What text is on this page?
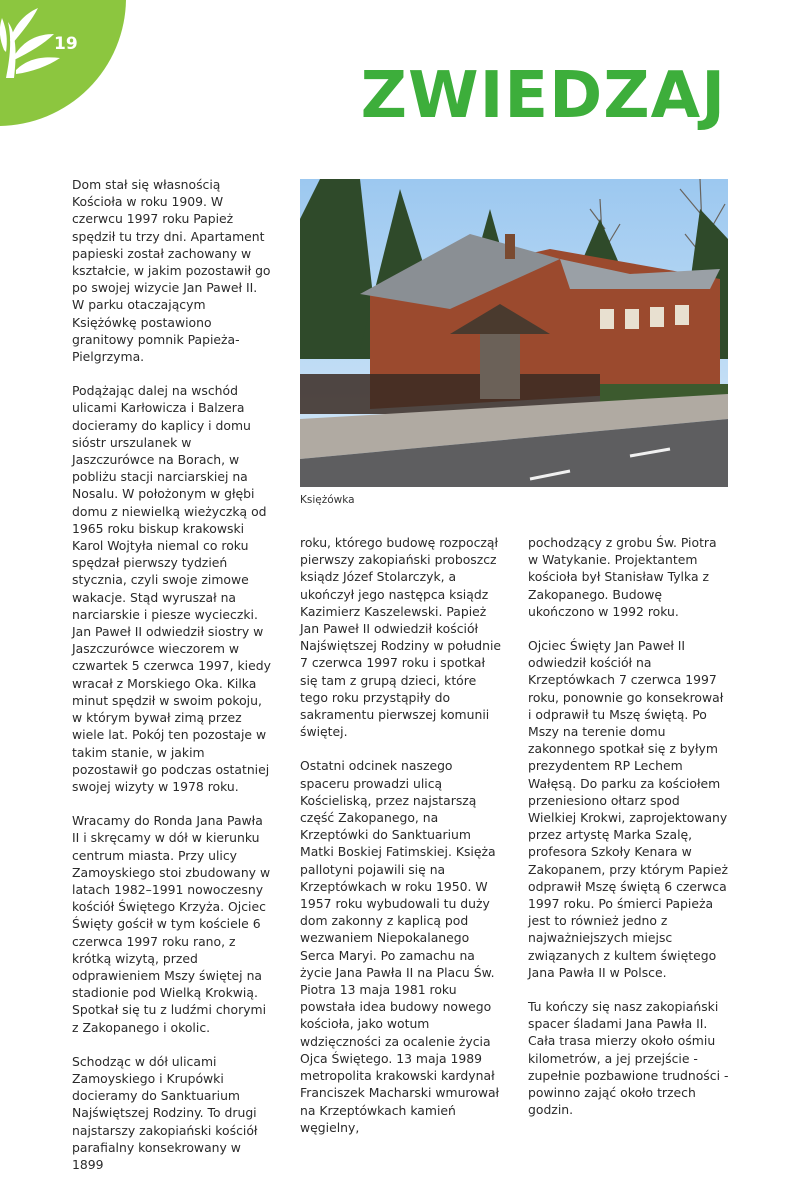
19
ZWIEDZAJ

Dom stał się własnością Kościoła w roku 1909. W czerwcu 1997 roku Papież spędził tu trzy dni. Apartament papieski został zachowany w kształcie, w jakim pozostawił go po swojej wizycie Jan Paweł II. W parku otaczającym Księżówkę postawiono granitowy pomnik Papieża-Pielgrzyma.

Podążając dalej na wschód ulicami Karłowicza i Balzera docieramy do kaplicy i domu sióstr urszulanek w Jaszczurówce na Borach, w pobliżu stacji narciarskiej na Nosalu. W położonym w głębi domu z niewielką wieżyczką od 1965 roku biskup krakowski Karol Wojtyła niemal co roku spędzał pierwszy tydzień stycznia, czyli swoje zimowe wakacje. Stąd wyruszał na narciarskie i piesze wycieczki. Jan Paweł II odwiedził siostry w Jaszczurówce wieczorem w czwartek 5 czerwca 1997, kiedy wracał z Morskiego Oka. Kilka minut spędził w swoim pokoju, w którym bywał zimą przez wiele lat. Pokój ten pozostaje w takim stanie, w jakim pozostawił go podczas ostatniej swojej wizyty w 1978 roku.

Wracamy do Ronda Jana Pawła II i skręcamy w dół w kierunku centrum miasta. Przy ulicy Zamoyskiego stoi zbudowany w latach 1982–1991 nowoczesny kościół Świętego Krzyża. Ojciec Święty gościł w tym kościele 6 czerwca 1997 roku rano, z krótką wizytą, przed odprawieniem Mszy świętej na stadionie pod Wielką Krokwią. Spotkał się tu z ludźmi chorymi z Zakopanego i okolic.

Schodząc w dół ulicami Zamoyskiego i Krupówki docieramy do Sanktuarium Najświętszej Rodziny. To drugi najstarszy zakopiański kościół parafialny konsekrowany w 1899

Księżówka

roku, którego budowę rozpoczął pierwszy zakopiański proboszcz ksiądz Józef Stolarczyk, a ukończył jego następca ksiądz Kazimierz Kaszelewski. Papież Jan Paweł II odwiedził kościół Najświętszej Rodziny w południe 7 czerwca 1997 roku i spotkał się tam z grupą dzieci, które tego roku przystąpiły do sakramentu pierwszej komunii świętej.

Ostatni odcinek naszego spaceru prowadzi ulicą Kościeliską, przez najstarszą część Zakopanego, na Krzeptówki do Sanktuarium Matki Boskiej Fatimskiej. Księża pallotyni pojawili się na Krzeptówkach w roku 1950. W 1957 roku wybudowali tu duży dom zakonny z kaplicą pod wezwaniem Niepokalanego Serca Maryi. Po zamachu na życie Jana Pawła II na Placu Św. Piotra 13 maja 1981 roku powstała idea budowy nowego kościoła, jako wotum wdzięczności za ocalenie życia Ojca Świętego. 13 maja 1989 metropolita krakowski kardynał Franciszek Macharski wmurował na Krzeptówkach kamień węgielny,

pochodzący z grobu Św. Piotra w Watykanie. Projektantem kościoła był Stanisław Tylka z Zakopanego. Budowę ukończono w 1992 roku.

Ojciec Święty Jan Paweł II odwiedził kościół na Krzeptówkach 7 czerwca 1997 roku, ponownie go konsekrował i odprawił tu Mszę świętą. Po Mszy na terenie domu zakonnego spotkał się z byłym prezydentem RP Lechem Wałęsą. Do parku za kościołem przeniesiono ołtarz spod Wielkiej Krokwi, zaprojektowany przez artystę Marka Szalę, profesora Szkoły Kenara w Zakopanem, przy którym Papież odprawił Mszę świętą 6 czerwca 1997 roku. Po śmierci Papieża jest to również jedno z najważniejszych miejsc związanych z kultem świętego Jana Pawła II w Polsce.

Tu kończy się nasz zakopiański spacer śladami Jana Pawła II. Cała trasa mierzy około ośmiu kilometrów, a jej przejście - zupełnie pozbawione trudności - powinno zająć około trzech godzin.
